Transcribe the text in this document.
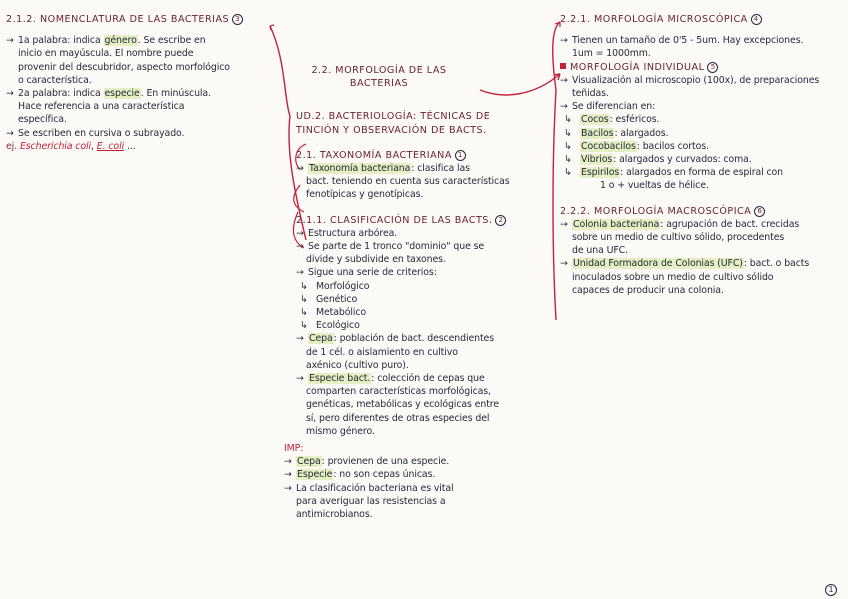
2.1.2. NOMENCLATURA DE LAS BACTERIAS 3
→ 1a palabra: indica género. Se escribe en
inicio en mayúscula. El nombre puede
provenir del descubridor, aspecto morfológico
o característica.
→ 2a palabra: indica especie. En minúscula.
Hace referencia a una característica
específica.
→ Se escriben en cursiva o subrayado.
ej. Escherichia coli, E. coli ...
2.2. MORFOLOGÍA DE LAS
BACTERIAS
UD.2. BACTERIOLOGÍA: TÉCNICAS DE
TINCIÓN Y OBSERVACIÓN DE BACTS.
2.1. TAXONOMÍA BACTERIANA 1
→ Taxonomía bacteriana: clasifica las
bact. teniendo en cuenta sus características
fenotípicas y genotípicas.
2.1.1. CLASIFICACIÓN DE LAS BACTS. 2
→ Estructura arbórea.
→ Se parte de 1 tronco "dominio" que se
divide y subdivide en taxones.
→ Sigue una serie de criterios:
↳ Morfológico
↳ Genético
↳ Metabólico
↳ Ecológico
→ Cepa: población de bact. descendientes
de 1 cél. o aislamiento en cultivo
axénico (cultivo puro).
→ Especie bact.: colección de cepas que
comparten características morfológicas,
genéticas, metabólicas y ecológicas entre
sí, pero diferentes de otras especies del
mismo género.
IMP:
→ Cepa: provienen de una especie.
→ Especie: no son cepas únicas.
→ La clasificación bacteriana es vital
para averiguar las resistencias a
antimicrobianos.
2.2.1. MORFOLOGÍA MICROSCÓPICA 4
→ Tienen un tamaño de 0'5 - 5um. Hay excepciones.
1um = 1000mm.
MORFOLOGÍA INDIVIDUAL 5
→ Visualización al microscopio (100x), de preparaciones
teñidas.
→ Se diferencian en:
↳ Cocos: esféricos.
↳ Bacilos: alargados.
↳ Cocobacilos: bacilos cortos.
↳ Vibrios: alargados y curvados: coma.
↳ Espirilos: alargados en forma de espiral con
1 o + vueltas de hélice.
2.2.2. MORFOLOGÍA MACROSCÓPICA 6
→ Colonia bacteriana: agrupación de bact. crecidas
sobre un medio de cultivo sólido, procedentes
de una UFC.
→ Unidad Formadora de Colonias (UFC): bact. o bacts
inoculados sobre un medio de cultivo sólido
capaces de producir una colonia.
1
